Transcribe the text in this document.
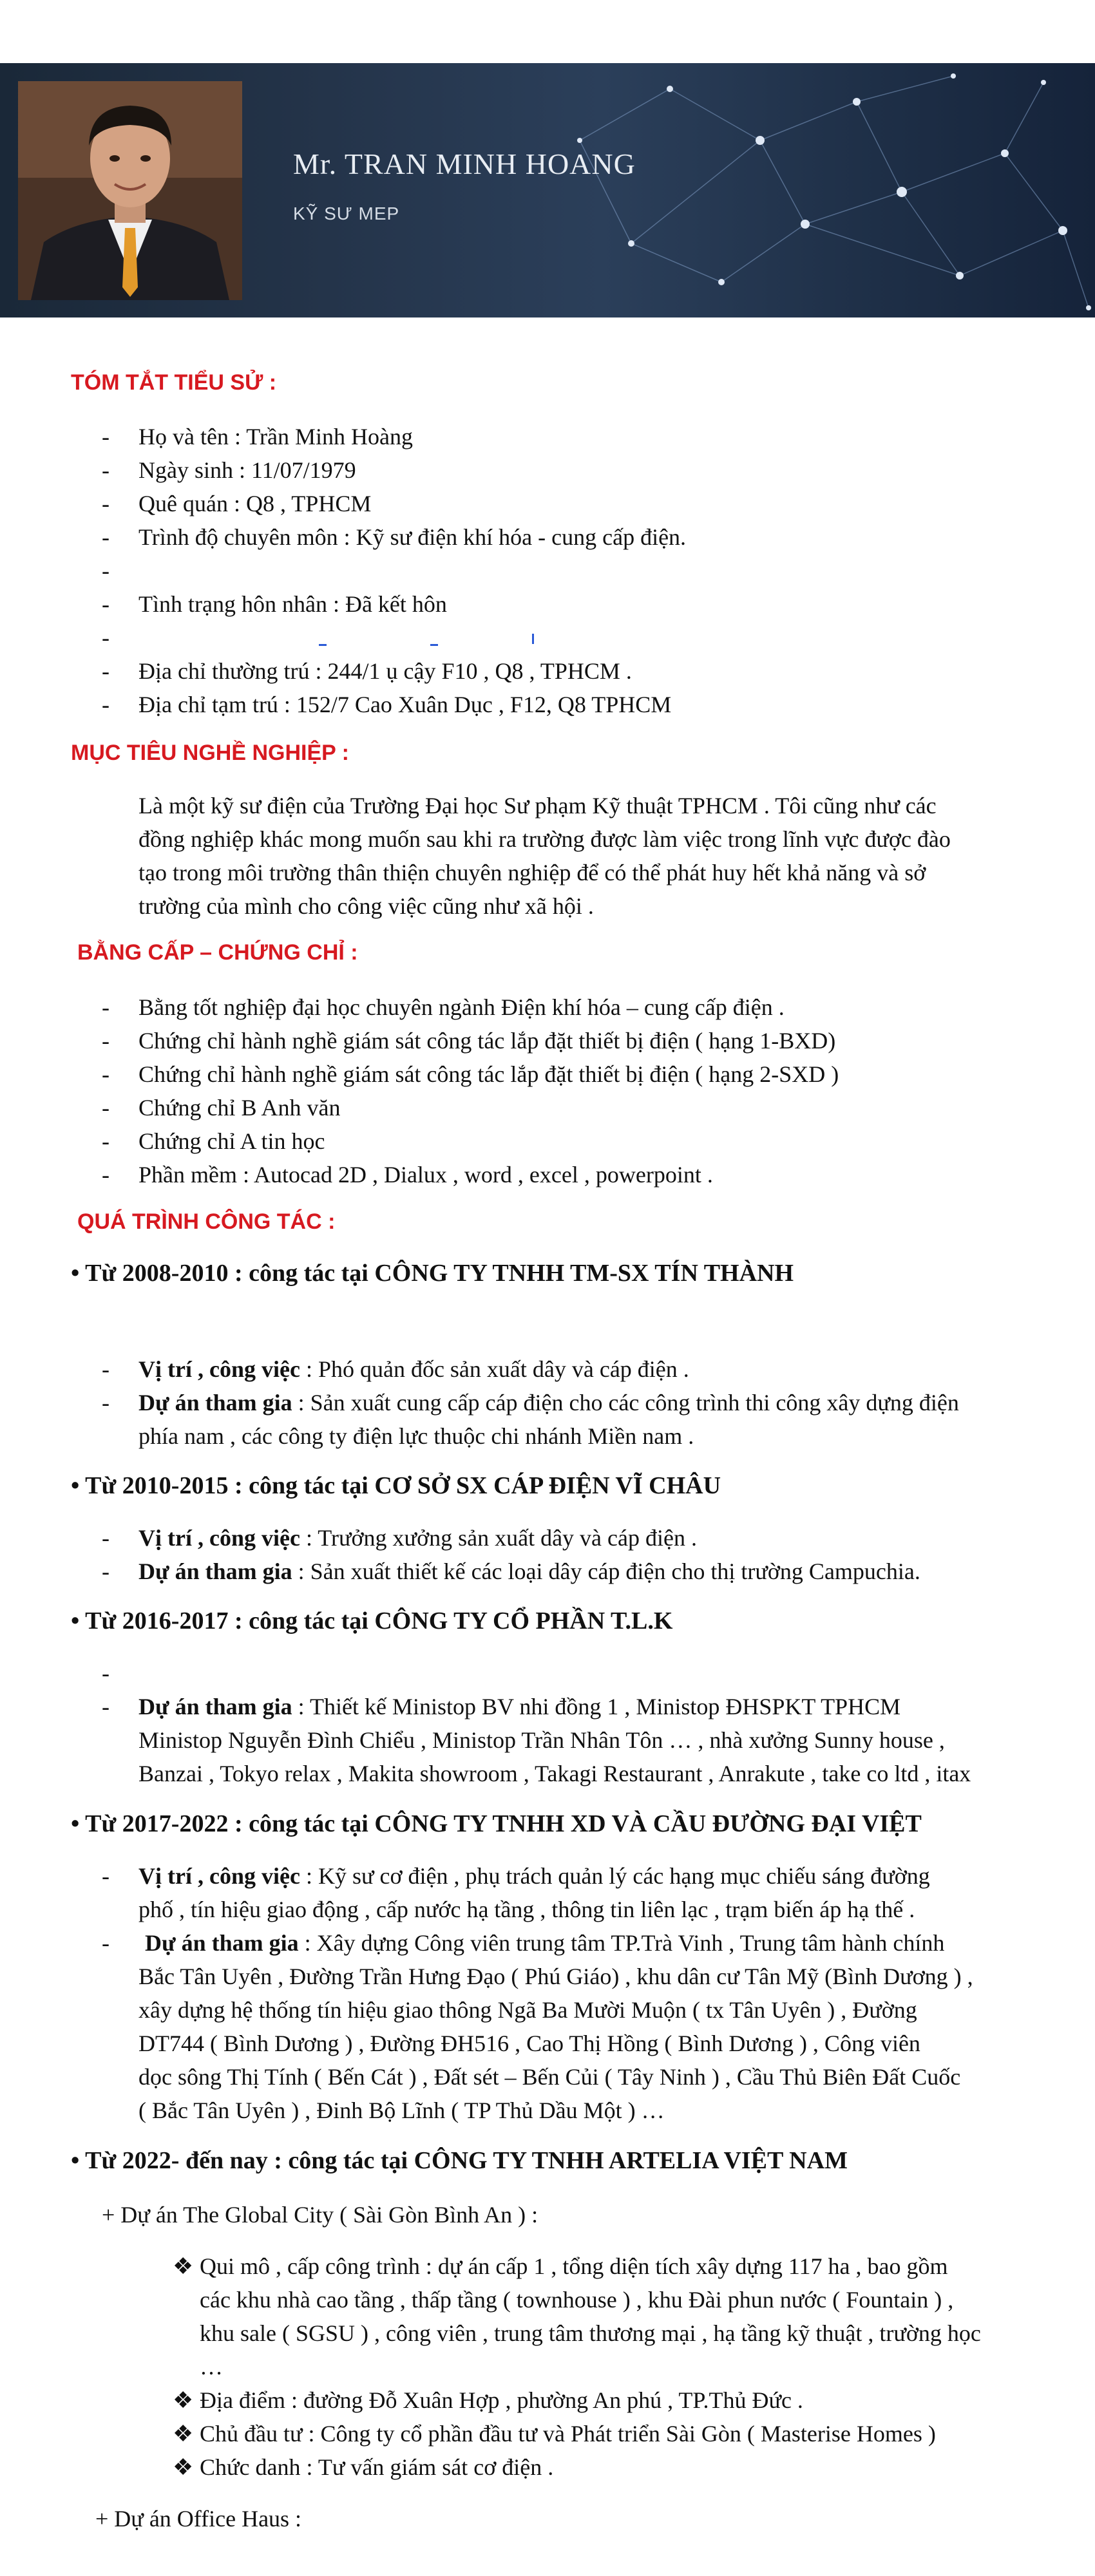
Mr. TRAN MINH HOANG
KỸ SƯ MEP
TÓM TẮT TIỂU SỬ :
- Họ và tên : Trần Minh Hoàng
- Ngày sinh : 11/07/1979
- Quê quán : Q8 , TPHCM
- Trình độ chuyên môn : Kỹ sư điện khí hóa - cung cấp điện.
-
- Tình trạng hôn nhân : Đã kết hôn
-
- Địa chỉ thường trú : 244/1 ụ cậy F10 , Q8 , TPHCM .
- Địa chỉ tạm trú : 152/7 Cao Xuân Dục , F12, Q8 TPHCM
MỤC TIÊU NGHỀ NGHIỆP :
Là một kỹ sư điện của Trường Đại học Sư phạm Kỹ thuật TPHCM . Tôi cũng như các
đồng nghiệp khác mong muốn sau khi ra trường được làm việc trong lĩnh vực được đào
tạo trong môi trường thân thiện chuyên nghiệp để có thể phát huy hết khả năng và sở
trường của mình cho công việc cũng như xã hội .
BẰNG CẤP – CHỨNG CHỈ :
- Bằng tốt nghiệp đại học chuyên ngành Điện khí hóa – cung cấp điện .
- Chứng chỉ hành nghề giám sát công tác lắp đặt thiết bị điện ( hạng 1-BXD)
- Chứng chỉ hành nghề giám sát công tác lắp đặt thiết bị điện ( hạng 2-SXD )
- Chứng chỉ B Anh văn
- Chứng chỉ A tin học
- Phần mềm : Autocad 2D , Dialux , word , excel , powerpoint .
QUÁ TRÌNH CÔNG TÁC :
• Từ 2008-2010 : công tác tại CÔNG TY TNHH TM-SX TÍN THÀNH
- Vị trí , công việc : Phó quản đốc sản xuất dây và cáp điện .
- Dự án tham gia : Sản xuất cung cấp cáp điện cho các công trình thi công xây dựng điện
phía nam , các công ty điện lực thuộc chi nhánh Miền nam .
• Từ 2010-2015 : công tác tại CƠ SỞ SX CÁP ĐIỆN VĨ CHÂU
- Vị trí , công việc : Trưởng xưởng sản xuất dây và cáp điện .
- Dự án tham gia : Sản xuất thiết kế các loại dây cáp điện cho thị trường Campuchia.
• Từ 2016-2017 : công tác tại CÔNG TY CỔ PHẦN T.L.K
-
- Dự án tham gia : Thiết kế Ministop BV nhi đồng 1 , Ministop ĐHSPKT TPHCM
Ministop Nguyễn Đình Chiểu , Ministop Trần Nhân Tôn … , nhà xưởng Sunny house ,
Banzai , Tokyo relax , Makita showroom , Takagi Restaurant , Anrakute , take co ltd , itax
• Từ 2017-2022 : công tác tại CÔNG TY TNHH XD VÀ CẦU ĐƯỜNG ĐẠI VIỆT
- Vị trí , công việc : Kỹ sư cơ điện , phụ trách quản lý các hạng mục chiếu sáng đường
phố , tín hiệu giao động , cấp nước hạ tầng , thông tin liên lạc , trạm biến áp hạ thế .
- Dự án tham gia : Xây dựng Công viên trung tâm TP.Trà Vinh , Trung tâm hành chính
Bắc Tân Uyên , Đường Trần Hưng Đạo ( Phú Giáo) , khu dân cư Tân Mỹ (Bình Dương ) ,
xây dựng hệ thống tín hiệu giao thông Ngã Ba Mười Muộn ( tx Tân Uyên ) , Đường
DT744 ( Bình Dương ) , Đường ĐH516 , Cao Thị Hồng ( Bình Dương ) , Công viên
dọc sông Thị Tính ( Bến Cát ) , Đất sét – Bến Củi ( Tây Ninh ) , Cầu Thủ Biên Đất Cuốc
( Bắc Tân Uyên ) , Đinh Bộ Lĩnh ( TP Thủ Dầu Một ) …
• Từ 2022- đến nay : công tác tại CÔNG TY TNHH ARTELIA VIỆT NAM
+ Dự án The Global City ( Sài Gòn Bình An ) :
❖ Qui mô , cấp công trình : dự án cấp 1 , tổng diện tích xây dựng 117 ha , bao gồm
các khu nhà cao tầng , thấp tầng ( townhouse ) , khu Đài phun nước ( Fountain ) ,
khu sale ( SGSU ) , công viên , trung tâm thương mại , hạ tầng kỹ thuật , trường học
…
❖ Địa điểm : đường Đỗ Xuân Hợp , phường An phú , TP.Thủ Đức .
❖ Chủ đầu tư : Công ty cổ phần đầu tư và Phát triển Sài Gòn ( Masterise Homes )
❖ Chức danh : Tư vấn giám sát cơ điện .
+ Dự án Office Haus :
